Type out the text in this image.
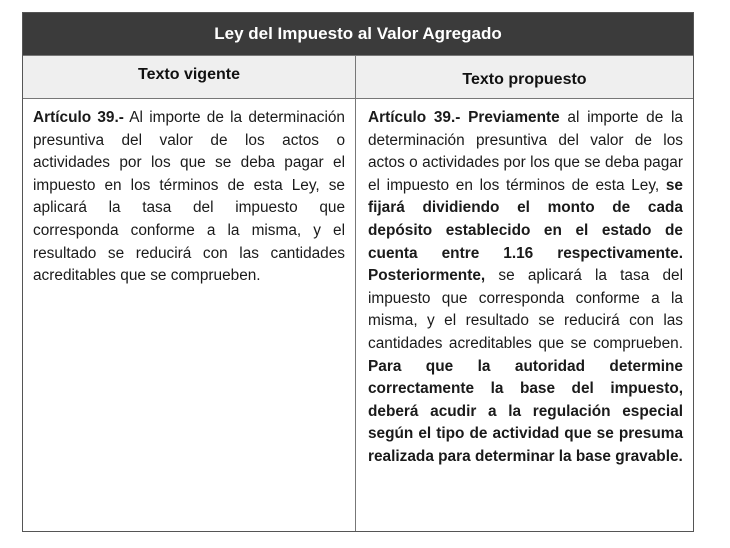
Ley del Impuesto al Valor Agregado
Texto vigente	Texto propuesto

Artículo 39.- Al importe de la determinación presuntiva del valor de los actos o actividades por los que se deba pagar el impuesto en los términos de esta Ley, se aplicará la tasa del impuesto que corresponda conforme a la misma, y el resultado se reducirá con las cantidades acreditables que se comprueben.

Artículo 39.- Previamente al importe de la determinación presuntiva del valor de los actos o actividades por los que se deba pagar el impuesto en los términos de esta Ley, se fijará dividiendo el monto de cada depósito establecido en el estado de cuenta entre 1.16 respectivamente. Posteriormente, se aplicará la tasa del impuesto que corresponda conforme a la misma, y el resultado se reducirá con las cantidades acreditables que se comprueben. Para que la autoridad determine correctamente la base del impuesto, deberá acudir a la regulación especial según el tipo de actividad que se presuma realizada para determinar la base gravable.
